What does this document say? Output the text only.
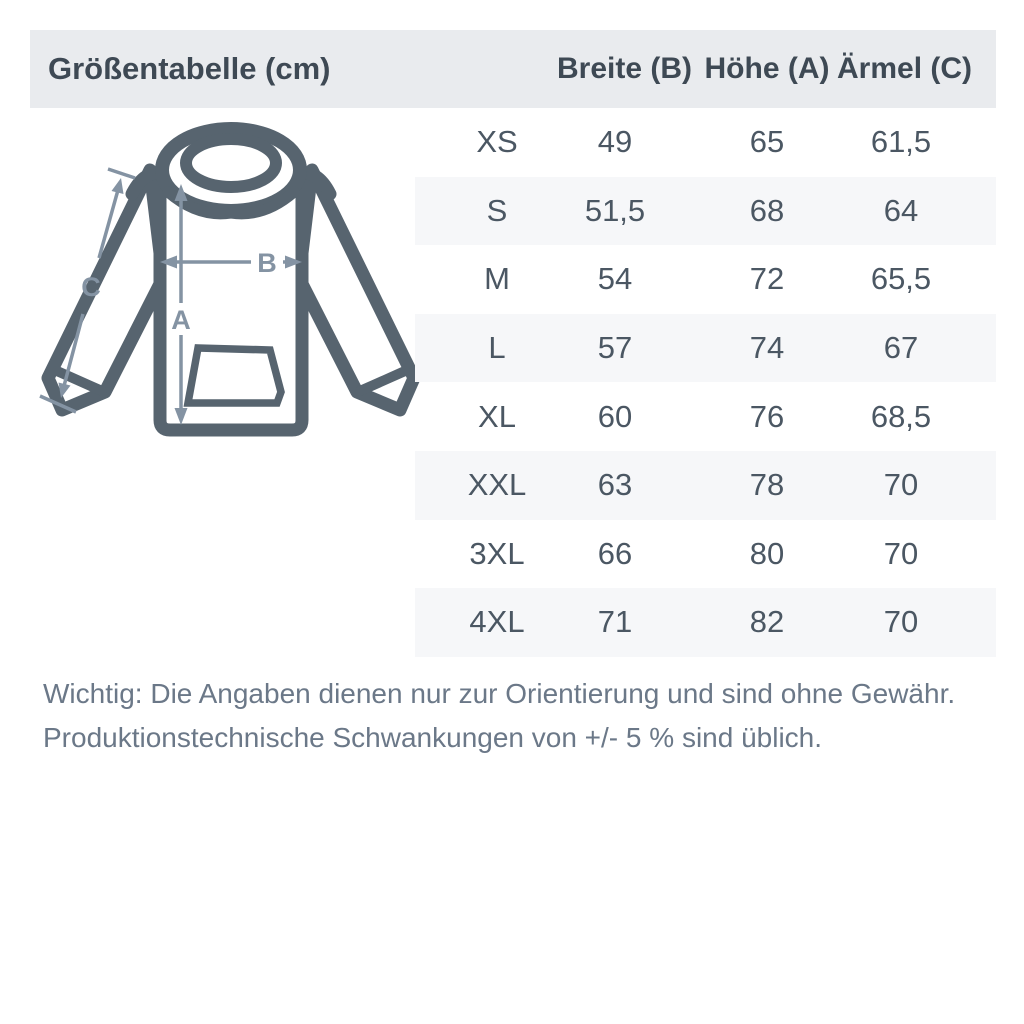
Größentabelle (cm)	Breite (B) Höhe (A) Ärmel (C)
A
B
C
XS	49	65	61,5
S	51,5	68	64
M	54	72	65,5
L	57	74	67
XL	60	76	68,5
XXL	63	78	70
3XL	66	80	70
4XL	71	82	70
Wichtig: Die Angaben dienen nur zur Orientierung und sind ohne Gewähr.
Produktionstechnische Schwankungen von +/- 5 % sind üblich.
